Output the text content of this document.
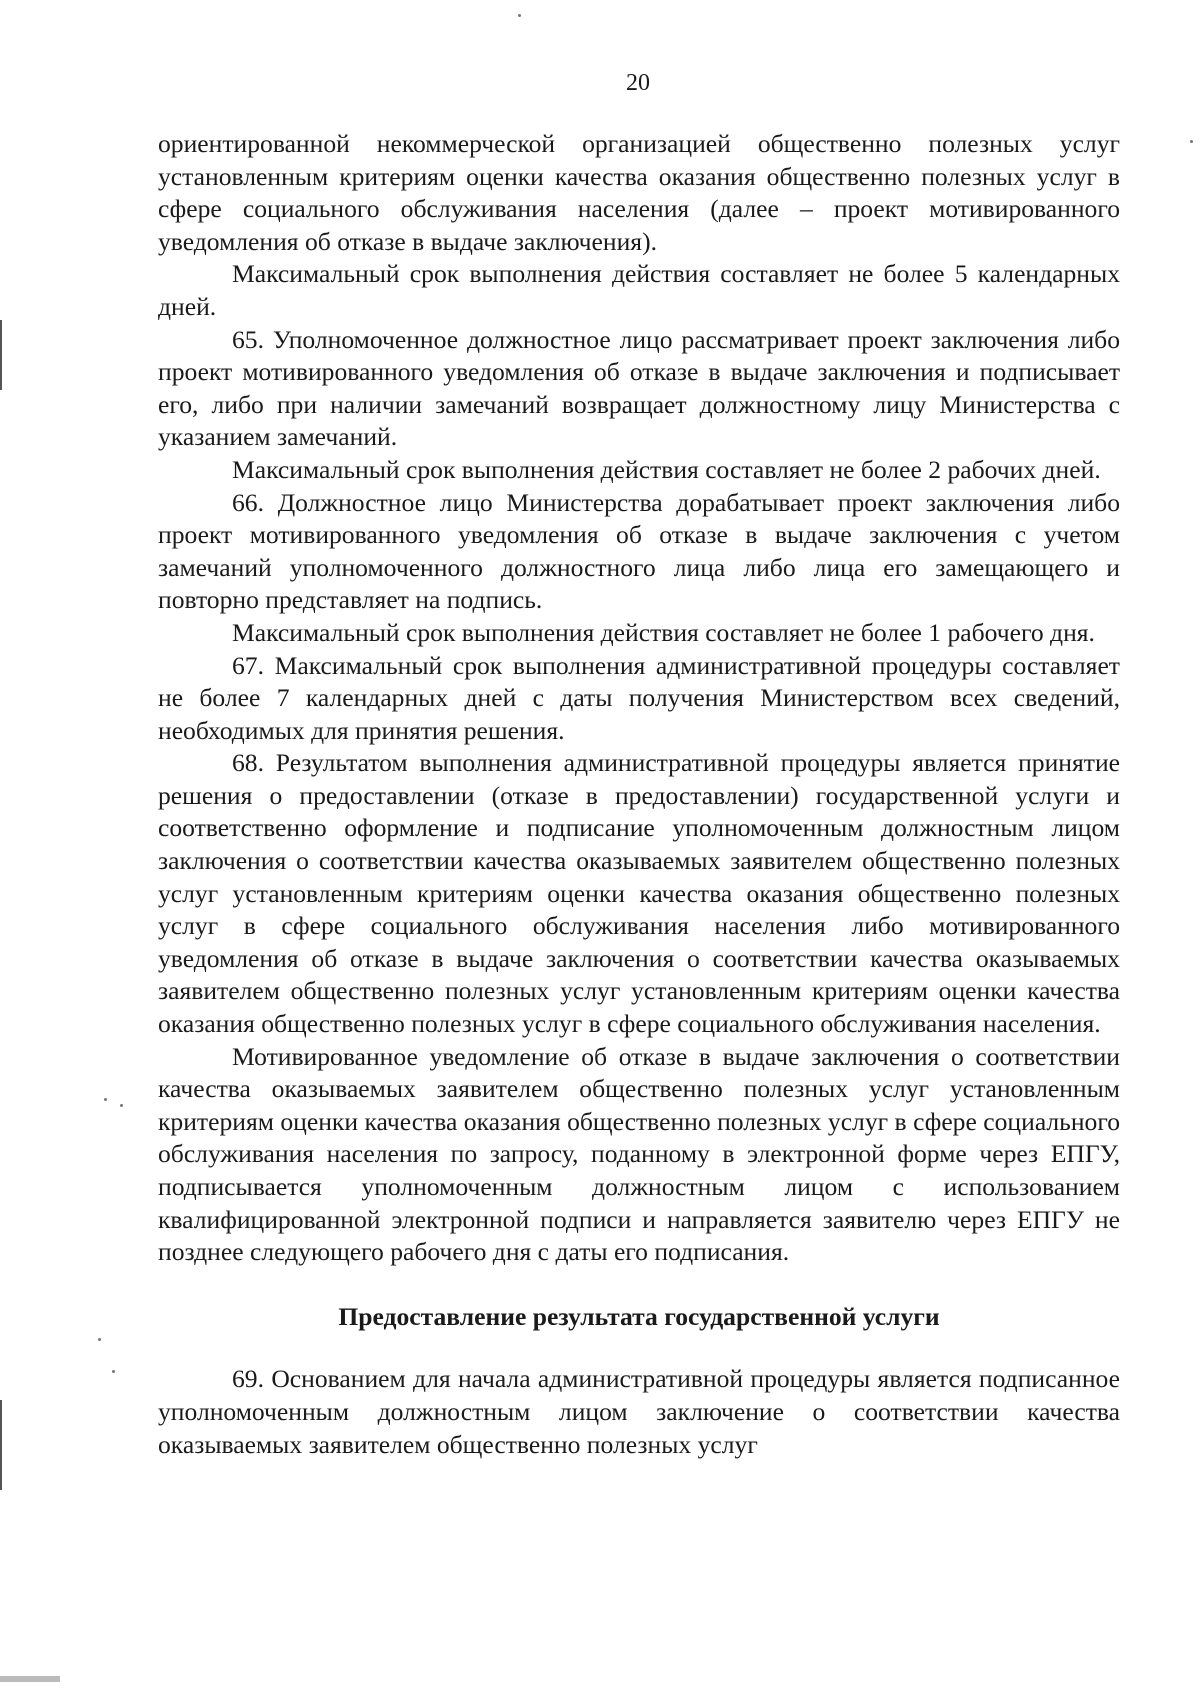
20

ориентированной некоммерческой организацией общественно полезных услуг установленным критериям оценки качества оказания общественно полезных услуг в сфере социального обслуживания населения (далее – проект мотивированного уведомления об отказе в выдаче заключения).

Максимальный срок выполнения действия составляет не более 5 календарных дней.

65. Уполномоченное должностное лицо рассматривает проект заключения либо проект мотивированного уведомления об отказе в выдаче заключения и подписывает его, либо при наличии замечаний возвращает должностному лицу Министерства с указанием замечаний.

Максимальный срок выполнения действия составляет не более 2 рабочих дней.

66. Должностное лицо Министерства дорабатывает проект заключения либо проект мотивированного уведомления об отказе в выдаче заключения с учетом замечаний уполномоченного должностного лица либо лица его замещающего и повторно представляет на подпись.

Максимальный срок выполнения действия составляет не более 1 рабочего дня.

67. Максимальный срок выполнения административной процедуры составляет не более 7 календарных дней с даты получения Министерством всех сведений, необходимых для принятия решения.

68. Результатом выполнения административной процедуры является принятие решения о предоставлении (отказе в предоставлении) государственной услуги и соответственно оформление и подписание уполномоченным должностным лицом заключения о соответствии качества оказываемых заявителем общественно полезных услуг установленным критериям оценки качества оказания общественно полезных услуг в сфере социального обслуживания населения либо мотивированного уведомления об отказе в выдаче заключения о соответствии качества оказываемых заявителем общественно полезных услуг установленным критериям оценки качества оказания общественно полезных услуг в сфере социального обслуживания населения.

Мотивированное уведомление об отказе в выдаче заключения о соответствии качества оказываемых заявителем общественно полезных услуг установленным критериям оценки качества оказания общественно полезных услуг в сфере социального обслуживания населения по запросу, поданному в электронной форме через ЕПГУ, подписывается уполномоченным должностным лицом с использованием квалифицированной электронной подписи и направляется заявителю через ЕПГУ не позднее следующего рабочего дня с даты его подписания.

Предоставление результата государственной услуги

69. Основанием для начала административной процедуры является подписанное уполномоченным должностным лицом заключение о соответствии качества оказываемых заявителем общественно полезных услуг
